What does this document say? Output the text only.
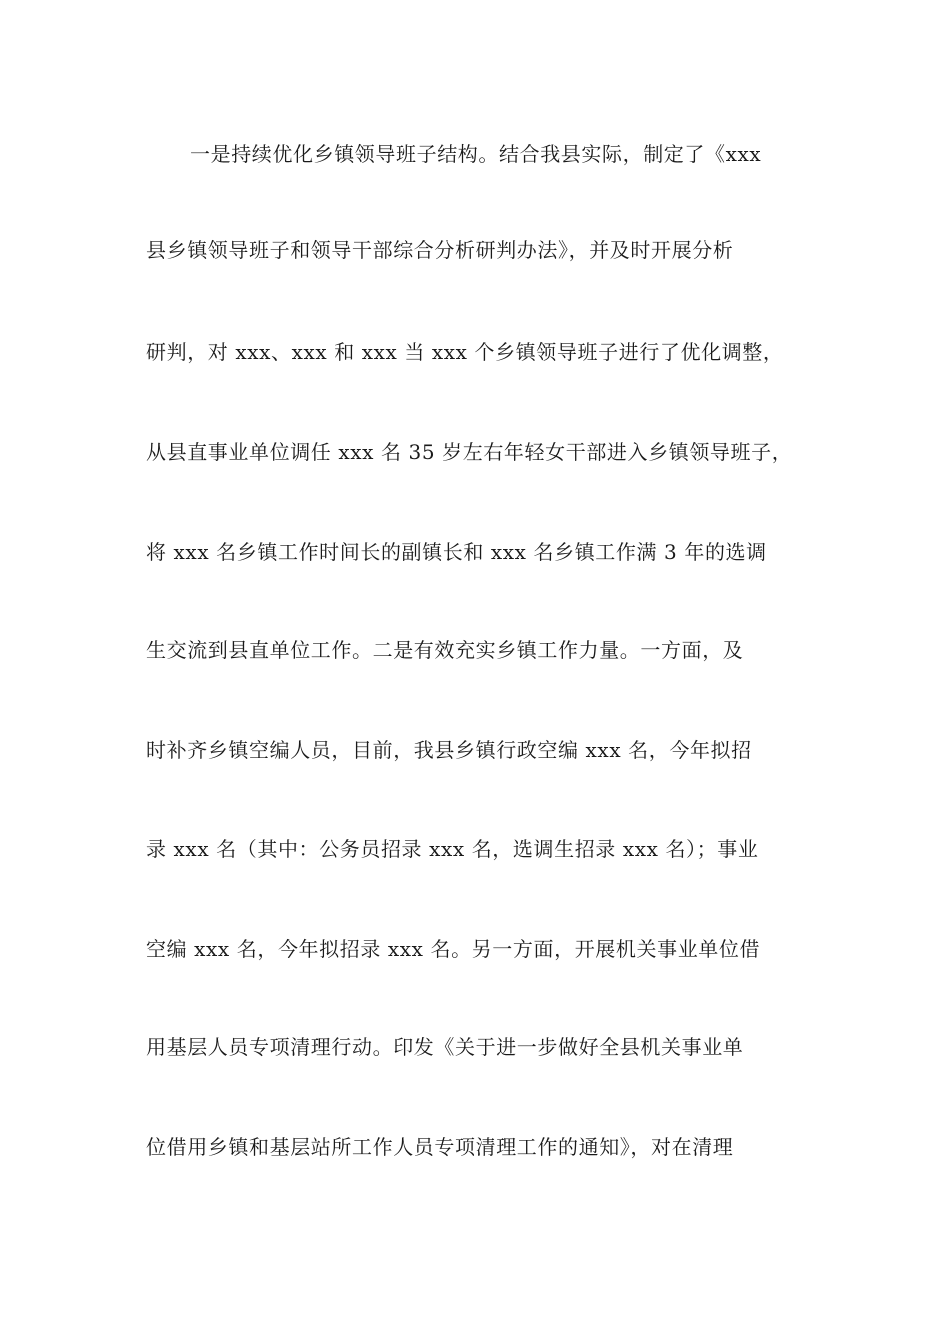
一是持续优化乡镇领导班子结构。结合我县实际，制定了《xxx
县乡镇领导班子和领导干部综合分析研判办法》，并及时开展分析
研判，对 xxx、xxx 和 xxx 当 xxx 个乡镇领导班子进行了优化调整，
从县直事业单位调任 xxx 名 35 岁左右年轻女干部进入乡镇领导班子，
将 xxx 名乡镇工作时间长的副镇长和 xxx 名乡镇工作满 3 年的选调
生交流到县直单位工作。二是有效充实乡镇工作力量。一方面，及
时补齐乡镇空编人员，目前，我县乡镇行政空编 xxx 名，今年拟招
录 xxx 名（其中：公务员招录 xxx 名，选调生招录 xxx 名）；事业
空编 xxx 名，今年拟招录 xxx 名。另一方面，开展机关事业单位借
用基层人员专项清理行动。印发《关于进一步做好全县机关事业单
位借用乡镇和基层站所工作人员专项清理工作的通知》，对在清理
